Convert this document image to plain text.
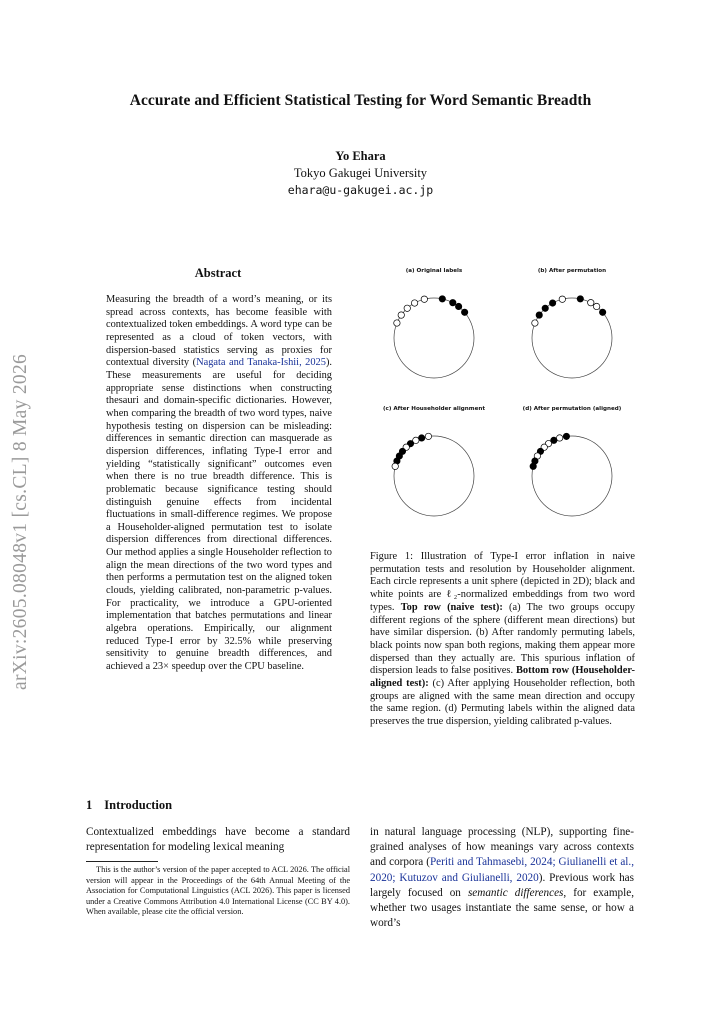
Accurate and Efficient Statistical Testing for Word Semantic Breadth
Yo Ehara
Tokyo Gakugei University
ehara@u-gakugei.ac.jp
arXiv:2605.08048v1 [cs.CL] 8 May 2026
Abstract
Measuring the breadth of a word’s meaning, or its spread across contexts, has become feasible with contextualized token embeddings. A word type can be represented as a cloud of token vectors, with dispersion-based statistics serving as proxies for contextual diversity (Nagata and Tanaka-Ishii, 2025). These measurements are useful for deciding appropriate sense distinctions when constructing thesauri and domain-specific dictionaries. However, when comparing the breadth of two word types, naive hypothesis testing on dispersion can be misleading: differences in semantic direction can masquerade as dispersion differences, inflating Type-I error and yielding “statistically significant” outcomes even when there is no true breadth difference. This is problematic because significance testing should distinguish genuine effects from incidental fluctuations in small-difference regimes. We propose a Householder-aligned permutation test to isolate dispersion differences from directional differences. Our method applies a single Householder reflection to align the mean directions of the two word types and then performs a permutation test on the aligned token clouds, yielding calibrated, non-parametric p-values. For practicality, we introduce a GPU-oriented implementation that batches permutations and linear algebra operations. Empirically, our alignment reduced Type-I error by 32.5% while preserving sensitivity to genuine breadth differences, and achieved a 23× speedup over the CPU baseline.
(a) Original labels	(b) After permutation
(c) After Householder alignment	(d) After permutation (aligned)
Figure 1: Illustration of Type-I error inflation in naive permutation tests and resolution by Householder alignment. Each circle represents a unit sphere (depicted in 2D); black and white points are ℓ₂-normalized embeddings from two word types. Top row (naive test): (a) The two groups occupy different regions of the sphere (different mean directions) but have similar dispersion. (b) After randomly permuting labels, black points now span both regions, making them appear more dispersed than they actually are. This spurious inflation of dispersion leads to false positives. Bottom row (Householder-aligned test): (c) After applying Householder reflection, both groups are aligned with the same mean direction and occupy the same region. (d) Permuting labels within the aligned data preserves the true dispersion, yielding calibrated p-values.
1 Introduction
Contextualized embeddings have become a standard representation for modeling lexical meaning

This is the author’s version of the paper accepted to ACL 2026. The official version will appear in the Proceedings of the 64th Annual Meeting of the Association for Computational Linguistics (ACL 2026). This paper is licensed under a Creative Commons Attribution 4.0 International License (CC BY 4.0). When available, please cite the official version.

in natural language processing (NLP), supporting fine-grained analyses of how meanings vary across contexts and corpora (Periti and Tahmasebi, 2024; Giulianelli et al., 2020; Kutuzov and Giulianelli, 2020). Previous work has largely focused on semantic differences, for example, whether two usages instantiate the same sense, or how a word’s
